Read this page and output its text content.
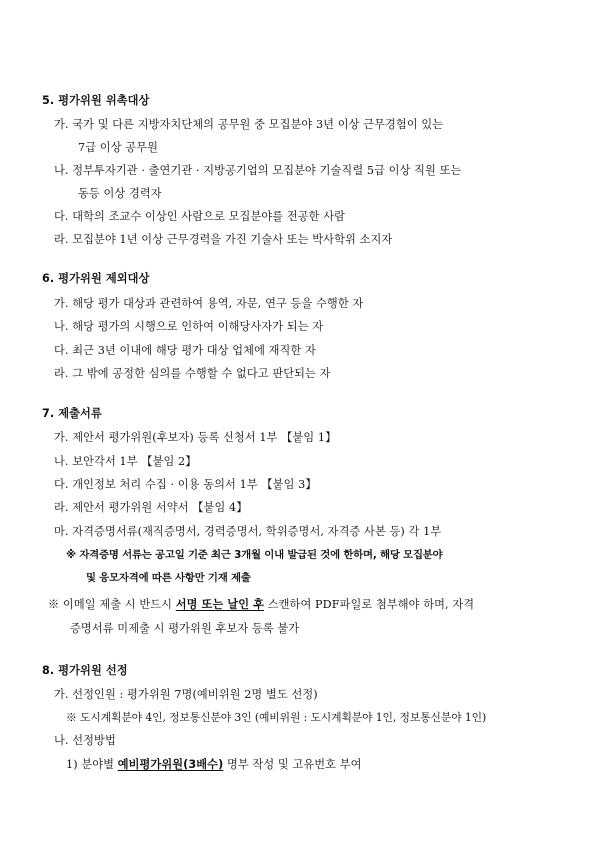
5. 평가위원 위촉대상
가. 국가 및 다른 지방자치단체의 공무원 중 모집분야 3년 이상 근무경험이 있는
7급 이상 공무원
나. 정부투자기관 · 출연기관 · 지방공기업의 모집분야 기술직렬 5급 이상 직원 또는
동등 이상 경력자
다. 대학의 조교수 이상인 사람으로 모집분야를 전공한 사람
라. 모집분야 1년 이상 근무경력을 가진 기술사 또는 박사학위 소지자
6. 평가위원 제외대상
가. 해당 평가 대상과 관련하여 용역, 자문, 연구 등을 수행한 자
나. 해당 평가의 시행으로 인하여 이해당사자가 되는 자
다. 최근 3년 이내에 해당 평가 대상 업체에 재직한 자
라. 그 밖에 공정한 심의를 수행할 수 없다고 판단되는 자
7. 제출서류
가. 제안서 평가위원(후보자) 등록 신청서 1부 【붙임 1】
나. 보안각서 1부 【붙임 2】
다. 개인정보 처리 수집 · 이용 동의서 1부 【붙임 3】
라. 제안서 평가위원 서약서 【붙임 4】
마. 자격증명서류(재직증명서, 경력증명서, 학위증명서, 자격증 사본 등) 각 1부
※ 자격증명 서류는 공고일 기준 최근 3개월 이내 발급된 것에 한하며, 해당 모집분야
및 응모자격에 따른 사항만 기재 제출
※ 이메일 제출 시 반드시 서명 또는 날인 후 스캔하여 PDF파일로 첨부해야 하며, 자격
증명서류 미제출 시 평가위원 후보자 등록 불가
8. 평가위원 선정
가. 선정인원 : 평가위원 7명(예비위원 2명 별도 선정)
※ 도시계획분야 4인, 정보통신분야 3인 (예비위원 : 도시계획분야 1인, 정보통신분야 1인)
나. 선정방법
1) 분야별 예비평가위원(3배수) 명부 작성 및 고유번호 부여
